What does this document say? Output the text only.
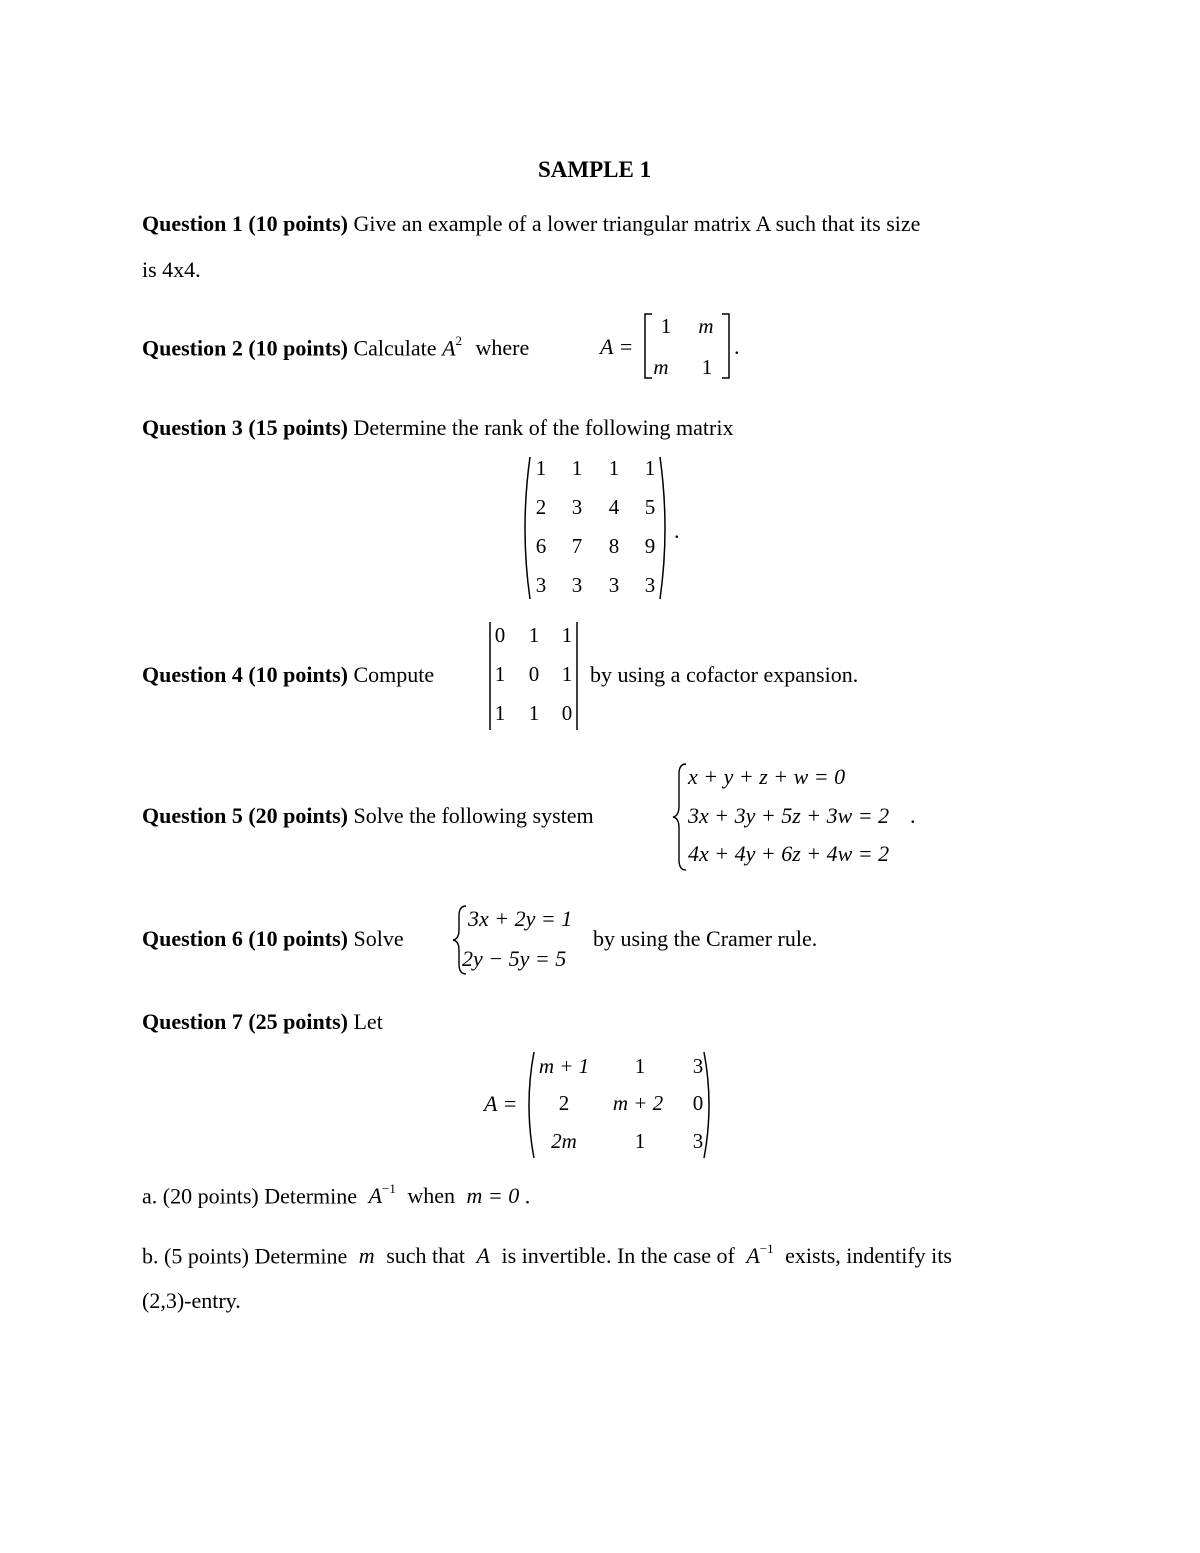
SAMPLE 1
Question 1 (10 points) Give an example of a lower triangular matrix A such that its size
is 4x4.
Question 2 (10 points) Calculate $A^2$ where	A =
1 m
m 1
.
Question 3 (15 points) Determine the rank of the following matrix
1 1 1 1
2 3 4 5
6 7 8 9
3 3 3 3
.
Question 4 (10 points) Compute
0 1 1
1 0 1
1 1 0
by using a cofactor expansion.
Question 5 (20 points) Solve the following system
x + y + z + w = 0
3x + 3y + 5z + 3w = 2
4x + 4y + 6z + 4w = 2
.
Question 6 (10 points) Solve
3x + 2y = 1
2y − 5y = 5
by using the Cramer rule.
Question 7 (25 points) Let
A =
m + 1	1	3
2	m + 2	0
2m	1	3
a. (20 points) Determine $A^{-1}$ when m = 0 .
b. (5 points) Determine m such that A is invertible. In the case of $A^{-1}$ exists, indentify its
(2,3)-entry.
